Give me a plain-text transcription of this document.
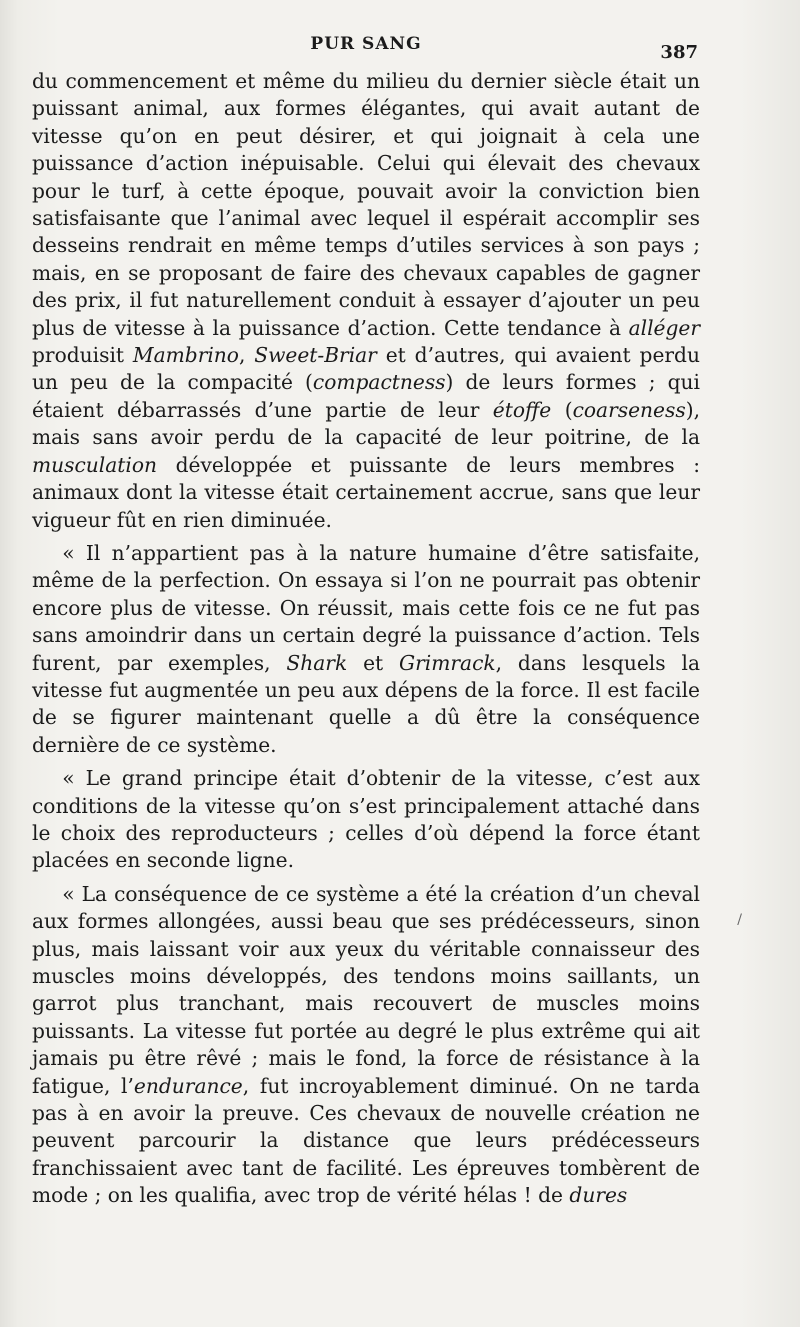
PUR SANG	387

du commencement et même du milieu du dernier siècle était un puissant animal, aux formes élégantes, qui avait autant de vitesse qu’on en peut désirer, et qui joignait à cela une puissance d’action inépuisable. Celui qui élevait des chevaux pour le turf, à cette époque, pouvait avoir la conviction bien satisfaisante que l’animal avec lequel il espérait accomplir ses desseins rendrait en même temps d’utiles services à son pays ; mais, en se proposant de faire des chevaux capables de gagner des prix, il fut naturellement conduit à essayer d’ajouter un peu plus de vitesse à la puissance d’action. Cette tendance à alléger produisit Mambrino, Sweet-Briar et d’autres, qui avaient perdu un peu de la compacité (compactness) de leurs formes ; qui étaient débarrassés d’une partie de leur étoffe (coarseness), mais sans avoir perdu de la capacité de leur poitrine, de la musculation développée et puissante de leurs membres : animaux dont la vitesse était certainement accrue, sans que leur vigueur fût en rien diminuée.

« Il n’appartient pas à la nature humaine d’être satisfaite, même de la perfection. On essaya si l’on ne pourrait pas obtenir encore plus de vitesse. On réussit, mais cette fois ce ne fut pas sans amoindrir dans un certain degré la puissance d’action. Tels furent, par exemples, Shark et Grimrack, dans lesquels la vitesse fut augmentée un peu aux dépens de la force. Il est facile de se figurer maintenant quelle a dû être la conséquence dernière de ce système.

« Le grand principe était d’obtenir de la vitesse, c’est aux conditions de la vitesse qu’on s’est principalement attaché dans le choix des reproducteurs ; celles d’où dépend la force étant placées en seconde ligne.

« La conséquence de ce système a été la création d’un cheval aux formes allongées, aussi beau que ses prédécesseurs, sinon plus, mais laissant voir aux yeux du véritable connaisseur des muscles moins développés, des tendons moins saillants, un garrot plus tranchant, mais recouvert de muscles moins puissants. La vitesse fut portée au degré le plus extrême qui ait jamais pu être rêvé ; mais le fond, la force de résistance à la fatigue, l’endurance, fut incroyablement diminué. On ne tarda pas à en avoir la preuve. Ces chevaux de nouvelle création ne peuvent parcourir la distance que leurs prédécesseurs franchissaient avec tant de facilité. Les épreuves tombèrent de mode ; on les qualifia, avec trop de vérité hélas ! de dures

/
